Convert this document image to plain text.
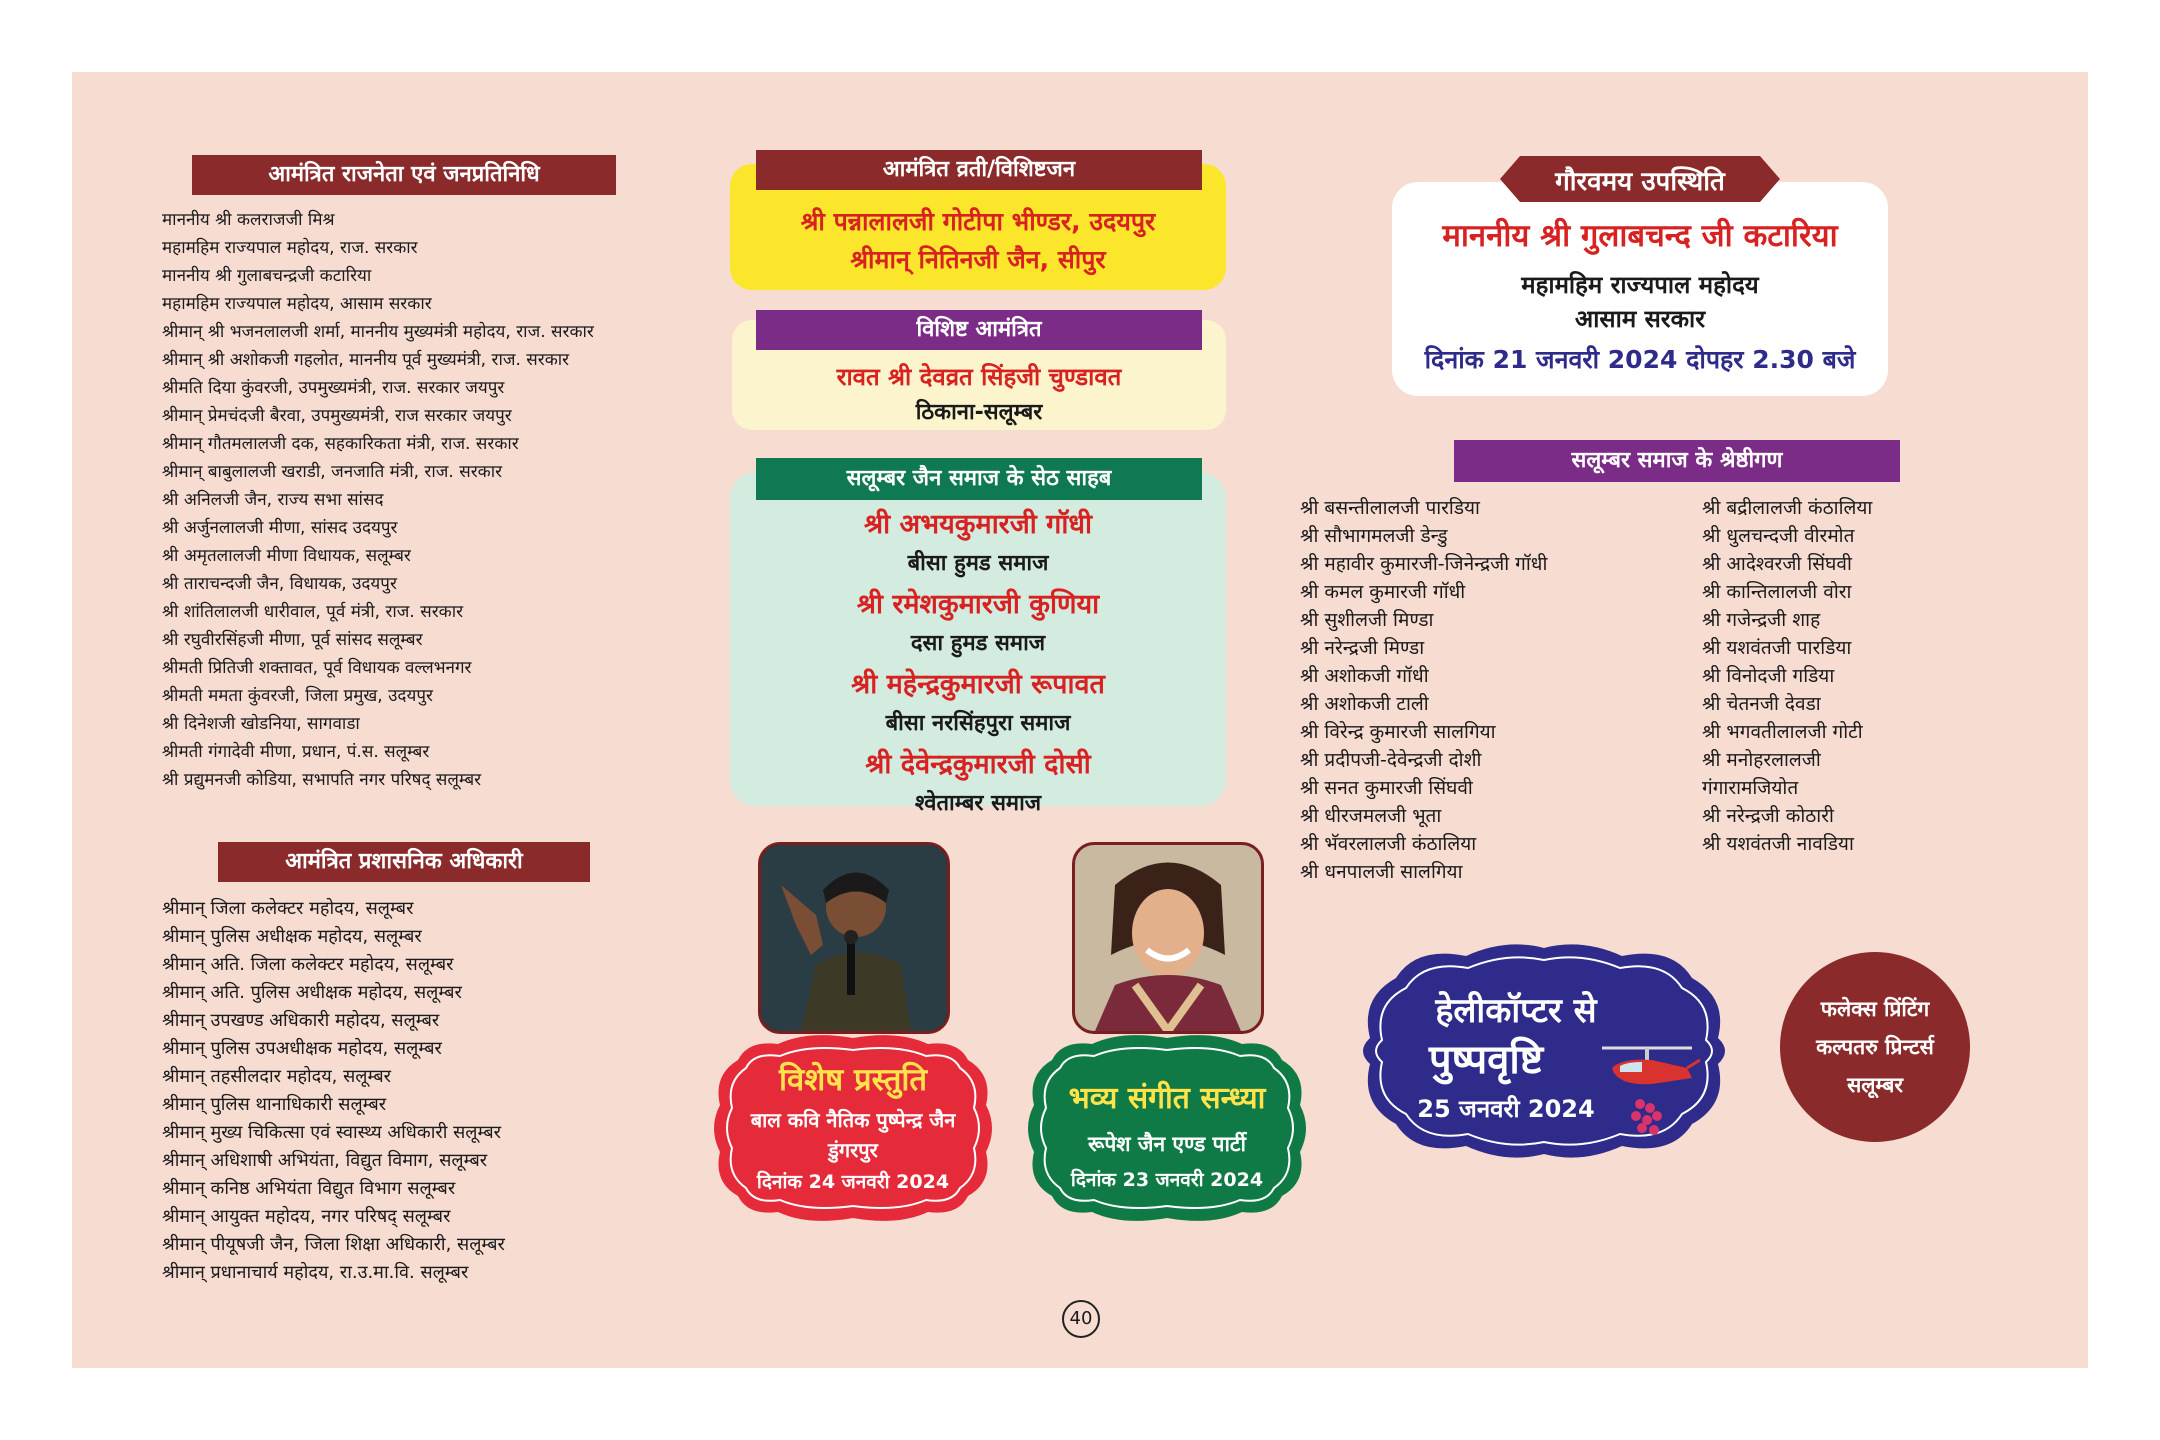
आमंत्रित राजनेता एवं जनप्रतिनिधि
माननीय श्री कलराजजी मिश्र
महामहिम राज्यपाल महोदय, राज. सरकार
माननीय श्री गुलाबचन्द्रजी कटारिया
महामहिम राज्यपाल महोदय, आसाम सरकार
श्रीमान् श्री भजनलालजी शर्मा, माननीय मुख्यमंत्री महोदय, राज. सरकार
श्रीमान् श्री अशोकजी गहलोत, माननीय पूर्व मुख्यमंत्री, राज. सरकार
श्रीमति दिया कुंवरजी, उपमुख्यमंत्री, राज. सरकार जयपुर
श्रीमान् प्रेमचंदजी बैरवा, उपमुख्यमंत्री, राज सरकार जयपुर
श्रीमान् गौतमलालजी दक, सहकारिकता मंत्री, राज. सरकार
श्रीमान् बाबुलालजी खराडी, जनजाति मंत्री, राज. सरकार
श्री अनिलजी जैन, राज्य सभा सांसद
श्री अर्जुनलालजी मीणा, सांसद उदयपुर
श्री अमृतलालजी मीणा विधायक, सलूम्बर
श्री ताराचन्दजी जैन, विधायक, उदयपुर
श्री शांतिलालजी धारीवाल, पूर्व मंत्री, राज. सरकार
श्री रघुवीरसिंहजी मीणा, पूर्व सांसद सलूम्बर
श्रीमती प्रितिजी शक्तावत, पूर्व विधायक वल्लभनगर
श्रीमती ममता कुंवरजी, जिला प्रमुख, उदयपुर
श्री दिनेशजी खोडनिया, सागवाडा
श्रीमती गंगादेवी मीणा, प्रधान, पं.स. सलूम्बर
श्री प्रद्युमनजी कोडिया, सभापति नगर परिषद् सलूम्बर
आमंत्रित प्रशासनिक अधिकारी
श्रीमान् जिला कलेक्टर महोदय, सलूम्बर
श्रीमान् पुलिस अधीक्षक महोदय, सलूम्बर
श्रीमान् अति. जिला कलेक्टर महोदय, सलूम्बर
श्रीमान् अति. पुलिस अधीक्षक महोदय, सलूम्बर
श्रीमान् उपखण्ड अधिकारी महोदय, सलूम्बर
श्रीमान् पुलिस उपअधीक्षक महोदय, सलूम्बर
श्रीमान् तहसीलदार महोदय, सलूम्बर
श्रीमान् पुलिस थानाधिकारी सलूम्बर
श्रीमान् मुख्य चिकित्सा एवं स्वास्थ्य अधिकारी सलूम्बर
श्रीमान् अधिशाषी अभियंता, विद्युत विमाग, सलूम्बर
श्रीमान् कनिष्ठ अभियंता विद्युत विभाग सलूम्बर
श्रीमान् आयुक्त महोदय, नगर परिषद् सलूम्बर
श्रीमान् पीयूषजी जैन, जिला शिक्षा अधिकारी, सलूम्बर
श्रीमान् प्रधानाचार्य महोदय, रा.उ.मा.वि. सलूम्बर
आमंत्रित व्रती/विशिष्टजन
श्री पन्नालालजी गोटीपा भीण्डर, उदयपुर
श्रीमान् नितिनजी जैन, सीपुर
विशिष्ट आमंत्रित
रावत श्री देवव्रत सिंहजी चुण्डावत
ठिकाना-सलूम्बर
सलूम्बर जैन समाज के सेठ साहब
श्री अभयकुमारजी गॉधी
बीसा हुमड समाज
श्री रमेशकुमारजी कुणिया
दसा हुमड समाज
श्री महेन्द्रकुमारजी रूपावत
बीसा नरसिंहपुरा समाज
श्री देवेन्द्रकुमारजी दोसी
श्वेताम्बर समाज
विशेष प्रस्तुति
बाल कवि नैतिक पुष्पेन्द्र जैन
डुंगरपुर
दिनांक 24 जनवरी 2024
भव्य संगीत सन्ध्या
रूपेश जैन एण्ड पार्टी
दिनांक 23 जनवरी 2024
40
गौरवमय उपस्थिति
माननीय श्री गुलाबचन्द जी कटारिया
महामहिम राज्यपाल महोदय
आसाम सरकार
दिनांक 21 जनवरी 2024 दोपहर 2.30 बजे
सलूम्बर समाज के श्रेष्ठीगण
श्री बसन्तीलालजी पारडिया
श्री सौभागमलजी डेन्डु
श्री महावीर कुमारजी-जिनेन्द्रजी गॉधी
श्री कमल कुमारजी गॉधी
श्री सुशीलजी मिण्डा
श्री नरेन्द्रजी मिण्डा
श्री अशोकजी गॉधी
श्री अशोकजी टाली
श्री विरेन्द्र कुमारजी सालगिया
श्री प्रदीपजी-देवेन्द्रजी दोशी
श्री सनत कुमारजी सिंघवी
श्री धीरजमलजी भूता
श्री भॅवरलालजी कंठालिया
श्री धनपालजी सालगिया
श्री बद्रीलालजी कंठालिया
श्री धुलचन्दजी वीरमोत
श्री आदेश्वरजी सिंघवी
श्री कान्तिलालजी वोरा
श्री गजेन्द्रजी शाह
श्री यशवंतजी पारडिया
श्री विनोदजी गडिया
श्री चेतनजी देवडा
श्री भगवतीलालजी गोटी
श्री मनोहरलालजी
गंगारामजियोत
श्री नरेन्द्रजी कोठारी
श्री यशवंतजी नावडिया
हेलीकॉप्टर से
पुष्पवृष्टि
25 जनवरी 2024
फलेक्स प्रिंटिंग
कल्पतरु प्रिन्टर्स
सलूम्बर
